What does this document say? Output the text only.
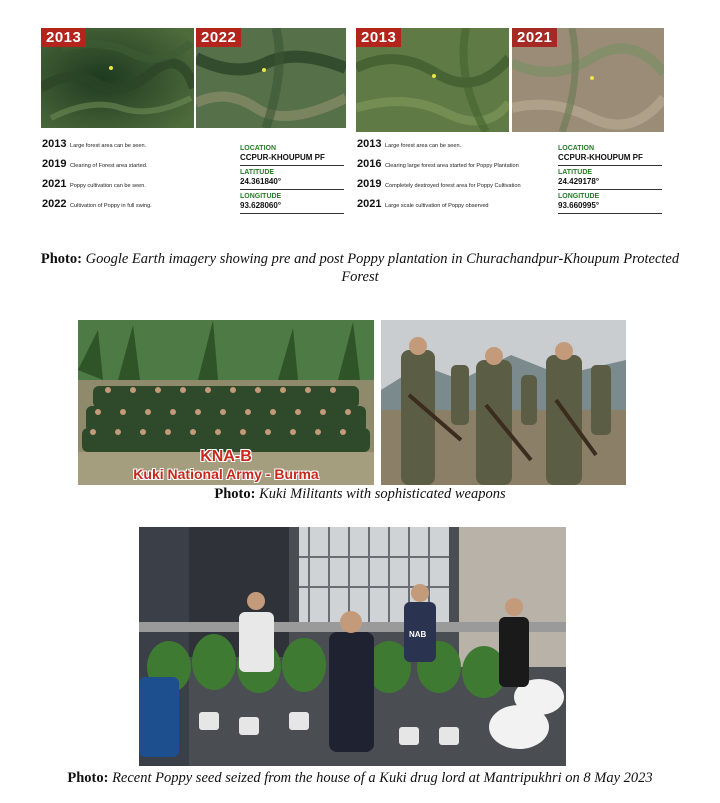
2013	2022	2013	2021
2013 Large forest area can be seen.
2019 Clearing of Forest area started.
2021 Poppy cultivation can be seen.
2022 Cultivation of Poppy in full swing.
LOCATION
CCPUR-KHOUPUM PF
LATITUDE
24.361840°
LONGITUDE
93.628060°
2013 Large forest area can be seen.
2016 Clearing large forest area started for Poppy Plantation
2019 Completely destroyed forest area for Poppy Cultivation
2021 Large scale cultivation of Poppy observed
LOCATION
CCPUR-KHOUPUM PF
LATITUDE
24.429178°
LONGITUDE
93.660995°
Photo: Google Earth imagery showing pre and post Poppy plantation in Churachandpur-Khoupum Protected Forest
KNA-B
Kuki National Army - Burma
Photo: Kuki Militants with sophisticated weapons
NAB
Photo: Recent Poppy seed seized from the house of a Kuki drug lord at Mantripukhri on 8 May 2023
